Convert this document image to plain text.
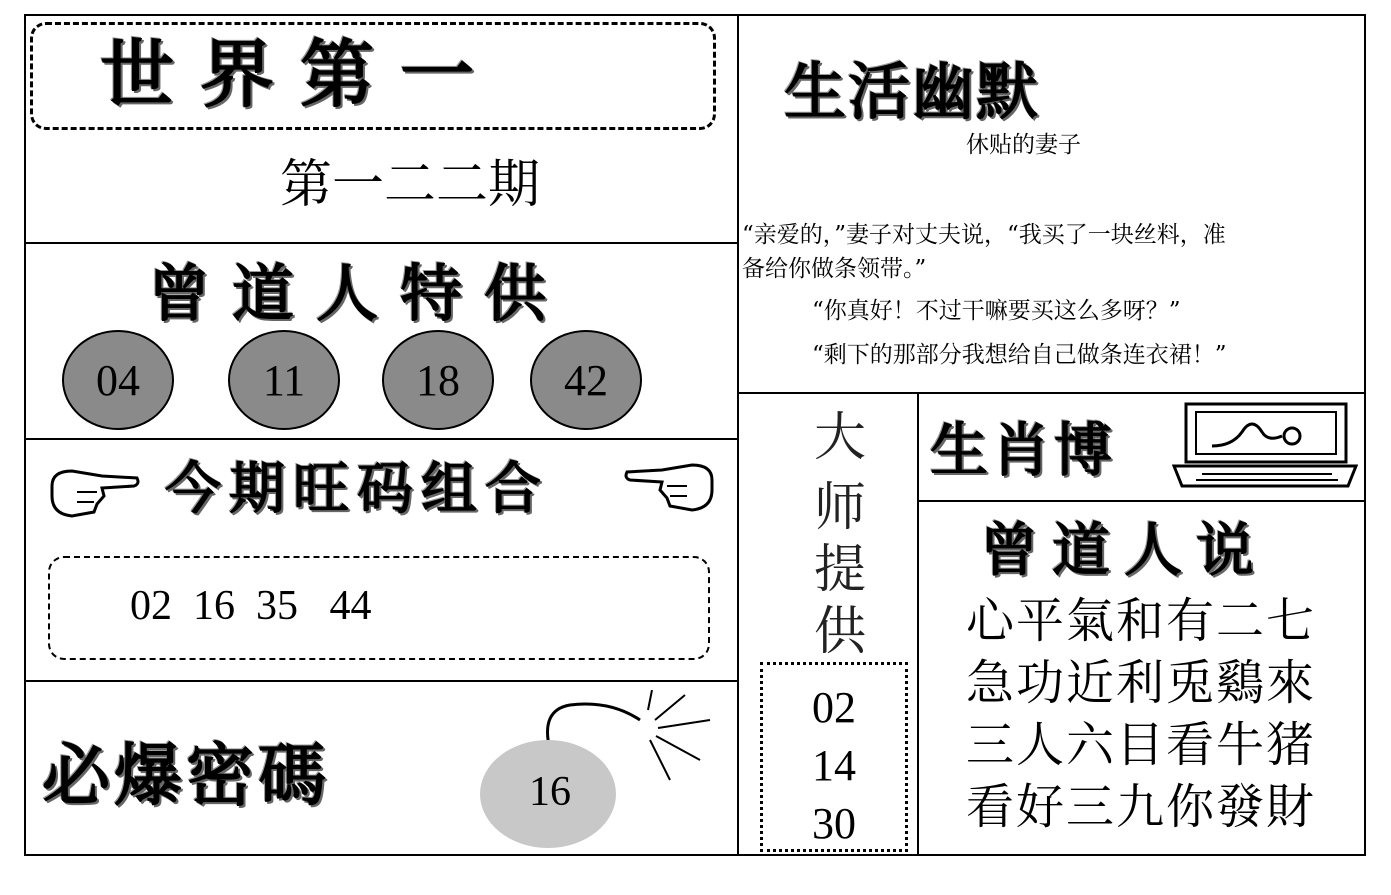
世界第一
第一二二期
曾道人特供
04	11	18 42
今期旺码组合
02  16  35   44
必爆密碼	16
生活幽默
休贴的妻子
“亲爱的，”妻子对丈夫说，“我买了一块丝料，准
备给你做条领带。”
“你真好！不过干嘛要买这么多呀？”
“剩下的那部分我想给自己做条连衣裙！”
大
师
提
供
02
14
30
生肖博
曾道人说
心平氣和有二七
急功近利兎鷄來
三人六目看牛猪
看好三九你發財
